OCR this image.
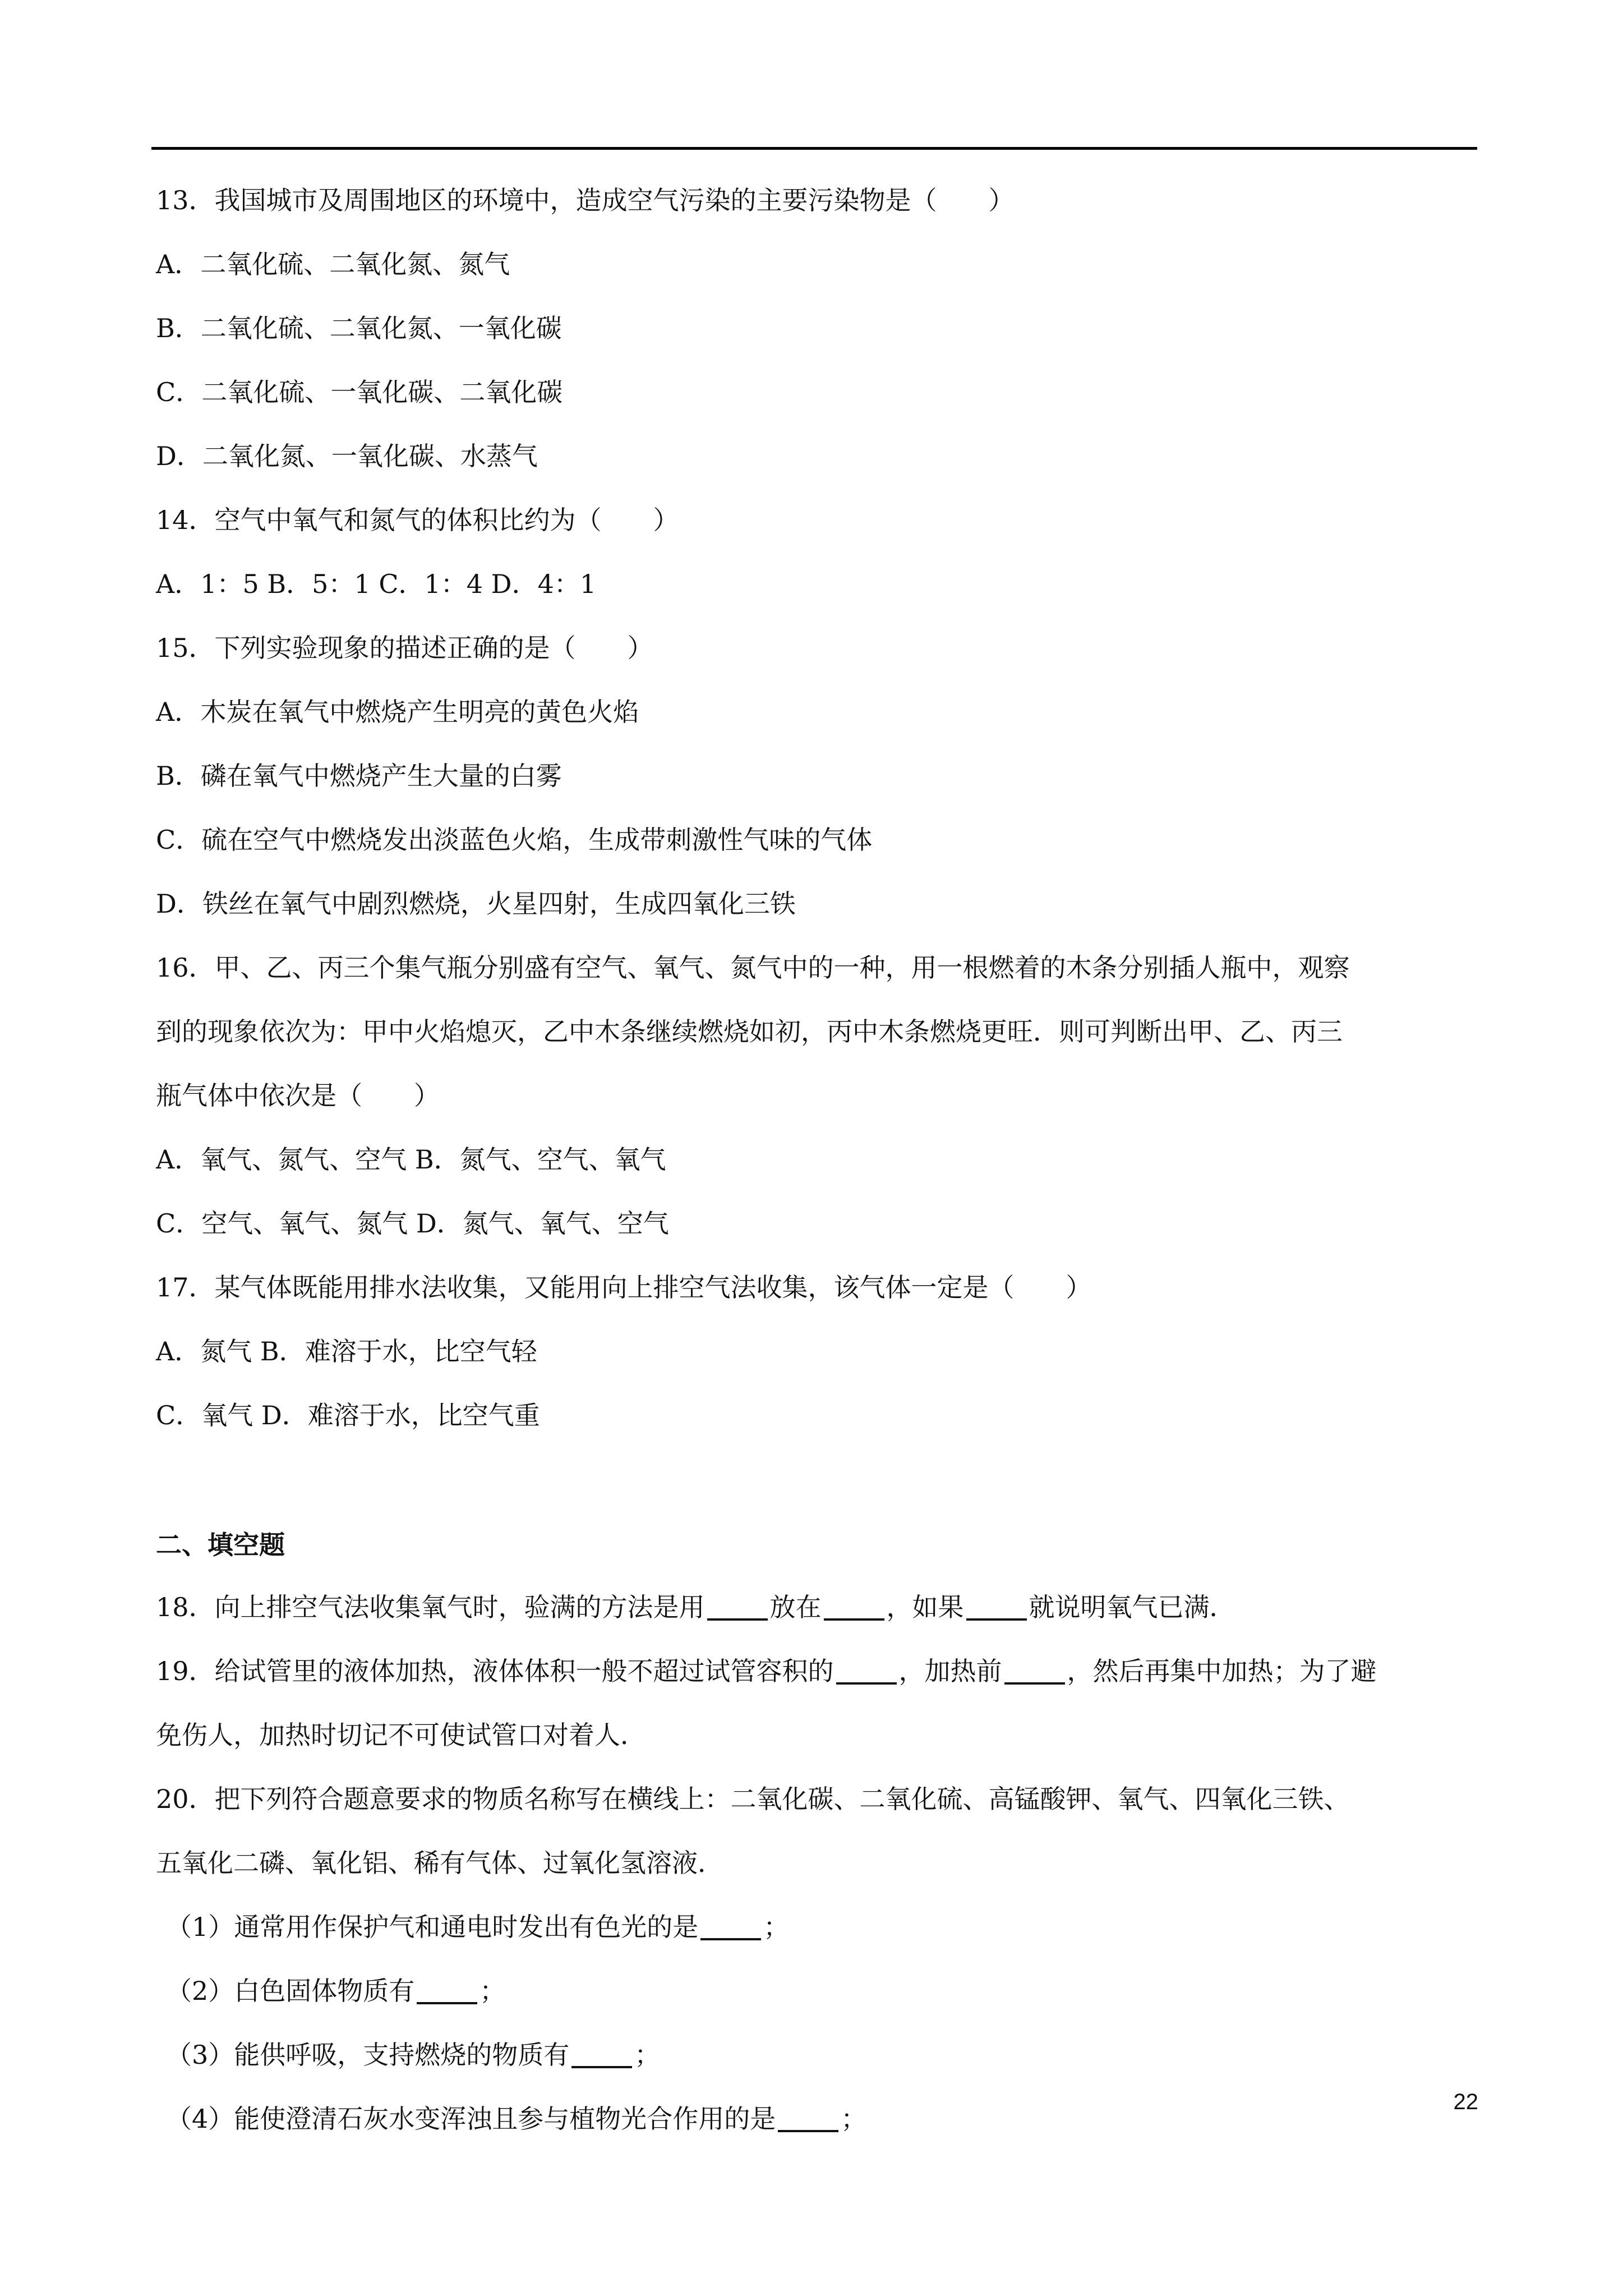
13．我国城市及周围地区的环境中，造成空气污染的主要污染物是（　　）
A．二氧化硫、二氧化氮、氮气
B．二氧化硫、二氧化氮、一氧化碳
C．二氧化硫、一氧化碳、二氧化碳
D．二氧化氮、一氧化碳、水蒸气
14．空气中氧气和氮气的体积比约为（　　）
A．1：5 B．5：1 C．1：4 D．4：1
15．下列实验现象的描述正确的是（　　）
A．木炭在氧气中燃烧产生明亮的黄色火焰
B．磷在氧气中燃烧产生大量的白雾
C．硫在空气中燃烧发出淡蓝色火焰，生成带刺激性气味的气体
D．铁丝在氧气中剧烈燃烧，火星四射，生成四氧化三铁
16．甲、乙、丙三个集气瓶分别盛有空气、氧气、氮气中的一种，用一根燃着的木条分别插人瓶中，观察
到的现象依次为：甲中火焰熄灭，乙中木条继续燃烧如初，丙中木条燃烧更旺．则可判断出甲、乙、丙三
瓶气体中依次是（　　）
A．氧气、氮气、空气 B．氮气、空气、氧气
C．空气、氧气、氮气 D．氮气、氧气、空气
17．某气体既能用排水法收集，又能用向上排空气法收集，该气体一定是（　　）
A．氮气 B．难溶于水，比空气轻
C．氧气 D．难溶于水，比空气重
二、填空题
18．向上排空气法收集氧气时，验满的方法是用	放在	，如果	就说明氧气已满．
19．给试管里的液体加热，液体体积一般不超过试管容积的	，加热前	，然后再集中加热；为了避
免伤人，加热时切记不可使试管口对着人．
20．把下列符合题意要求的物质名称写在横线上：二氧化碳、二氧化硫、高锰酸钾、氧气、四氧化三铁、
五氧化二磷、氧化铝、稀有气体、过氧化氢溶液．
（1）通常用作保护气和通电时发出有色光的是	；
（2）白色固体物质有	；
（3）能供呼吸，支持燃烧的物质有	；
（4）能使澄清石灰水变浑浊且参与植物光合作用的是	；
22
